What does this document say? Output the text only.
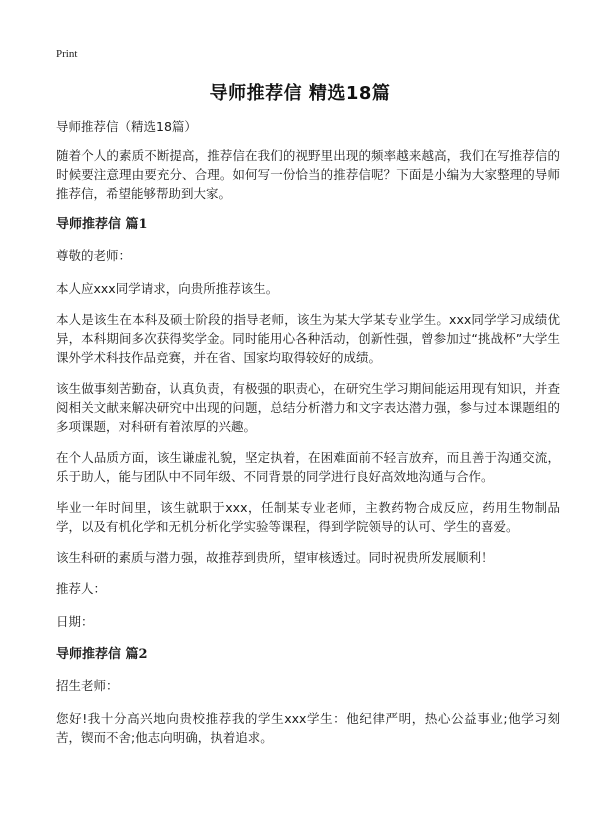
Print
导师推荐信 精选18篇

导师推荐信（精选18篇）

随着个人的素质不断提高，推荐信在我们的视野里出现的频率越来越高，我们在写推荐信的时候要注意理由要充分、合理。如何写一份恰当的推荐信呢？下面是小编为大家整理的导师推荐信，希望能够帮助到大家。

导师推荐信 篇1

尊敬的老师：

本人应xxx同学请求，向贵所推荐该生。

本人是该生在本科及硕士阶段的指导老师，该生为某大学某专业学生。xxx同学学习成绩优异，本科期间多次获得奖学金。同时能用心各种活动，创新性强，曾参加过“挑战杯”大学生课外学术科技作品竞赛，并在省、国家均取得较好的成绩。

该生做事刻苦勤奋，认真负责，有极强的职责心，在研究生学习期间能运用现有知识，并查阅相关文献来解决研究中出现的问题，总结分析潜力和文字表达潜力强，参与过本课题组的多项课题，对科研有着浓厚的兴趣。

在个人品质方面，该生谦虚礼貌，坚定执着，在困难面前不轻言放弃，而且善于沟通交流，乐于助人，能与团队中不同年级、不同背景的同学进行良好高效地沟通与合作。

毕业一年时间里，该生就职于xxx，任制某专业老师，主教药物合成反应，药用生物制品学，以及有机化学和无机分析化学实验等课程，得到学院领导的认可、学生的喜爱。

该生科研的素质与潜力强，故推荐到贵所，望审核透过。同时祝贵所发展顺利！

推荐人：

日期：

导师推荐信 篇2

招生老师：

您好!我十分高兴地向贵校推荐我的学生xxx学生：他纪律严明，热心公益事业;他学习刻苦，锲而不舍;他志向明确，执着追求。
